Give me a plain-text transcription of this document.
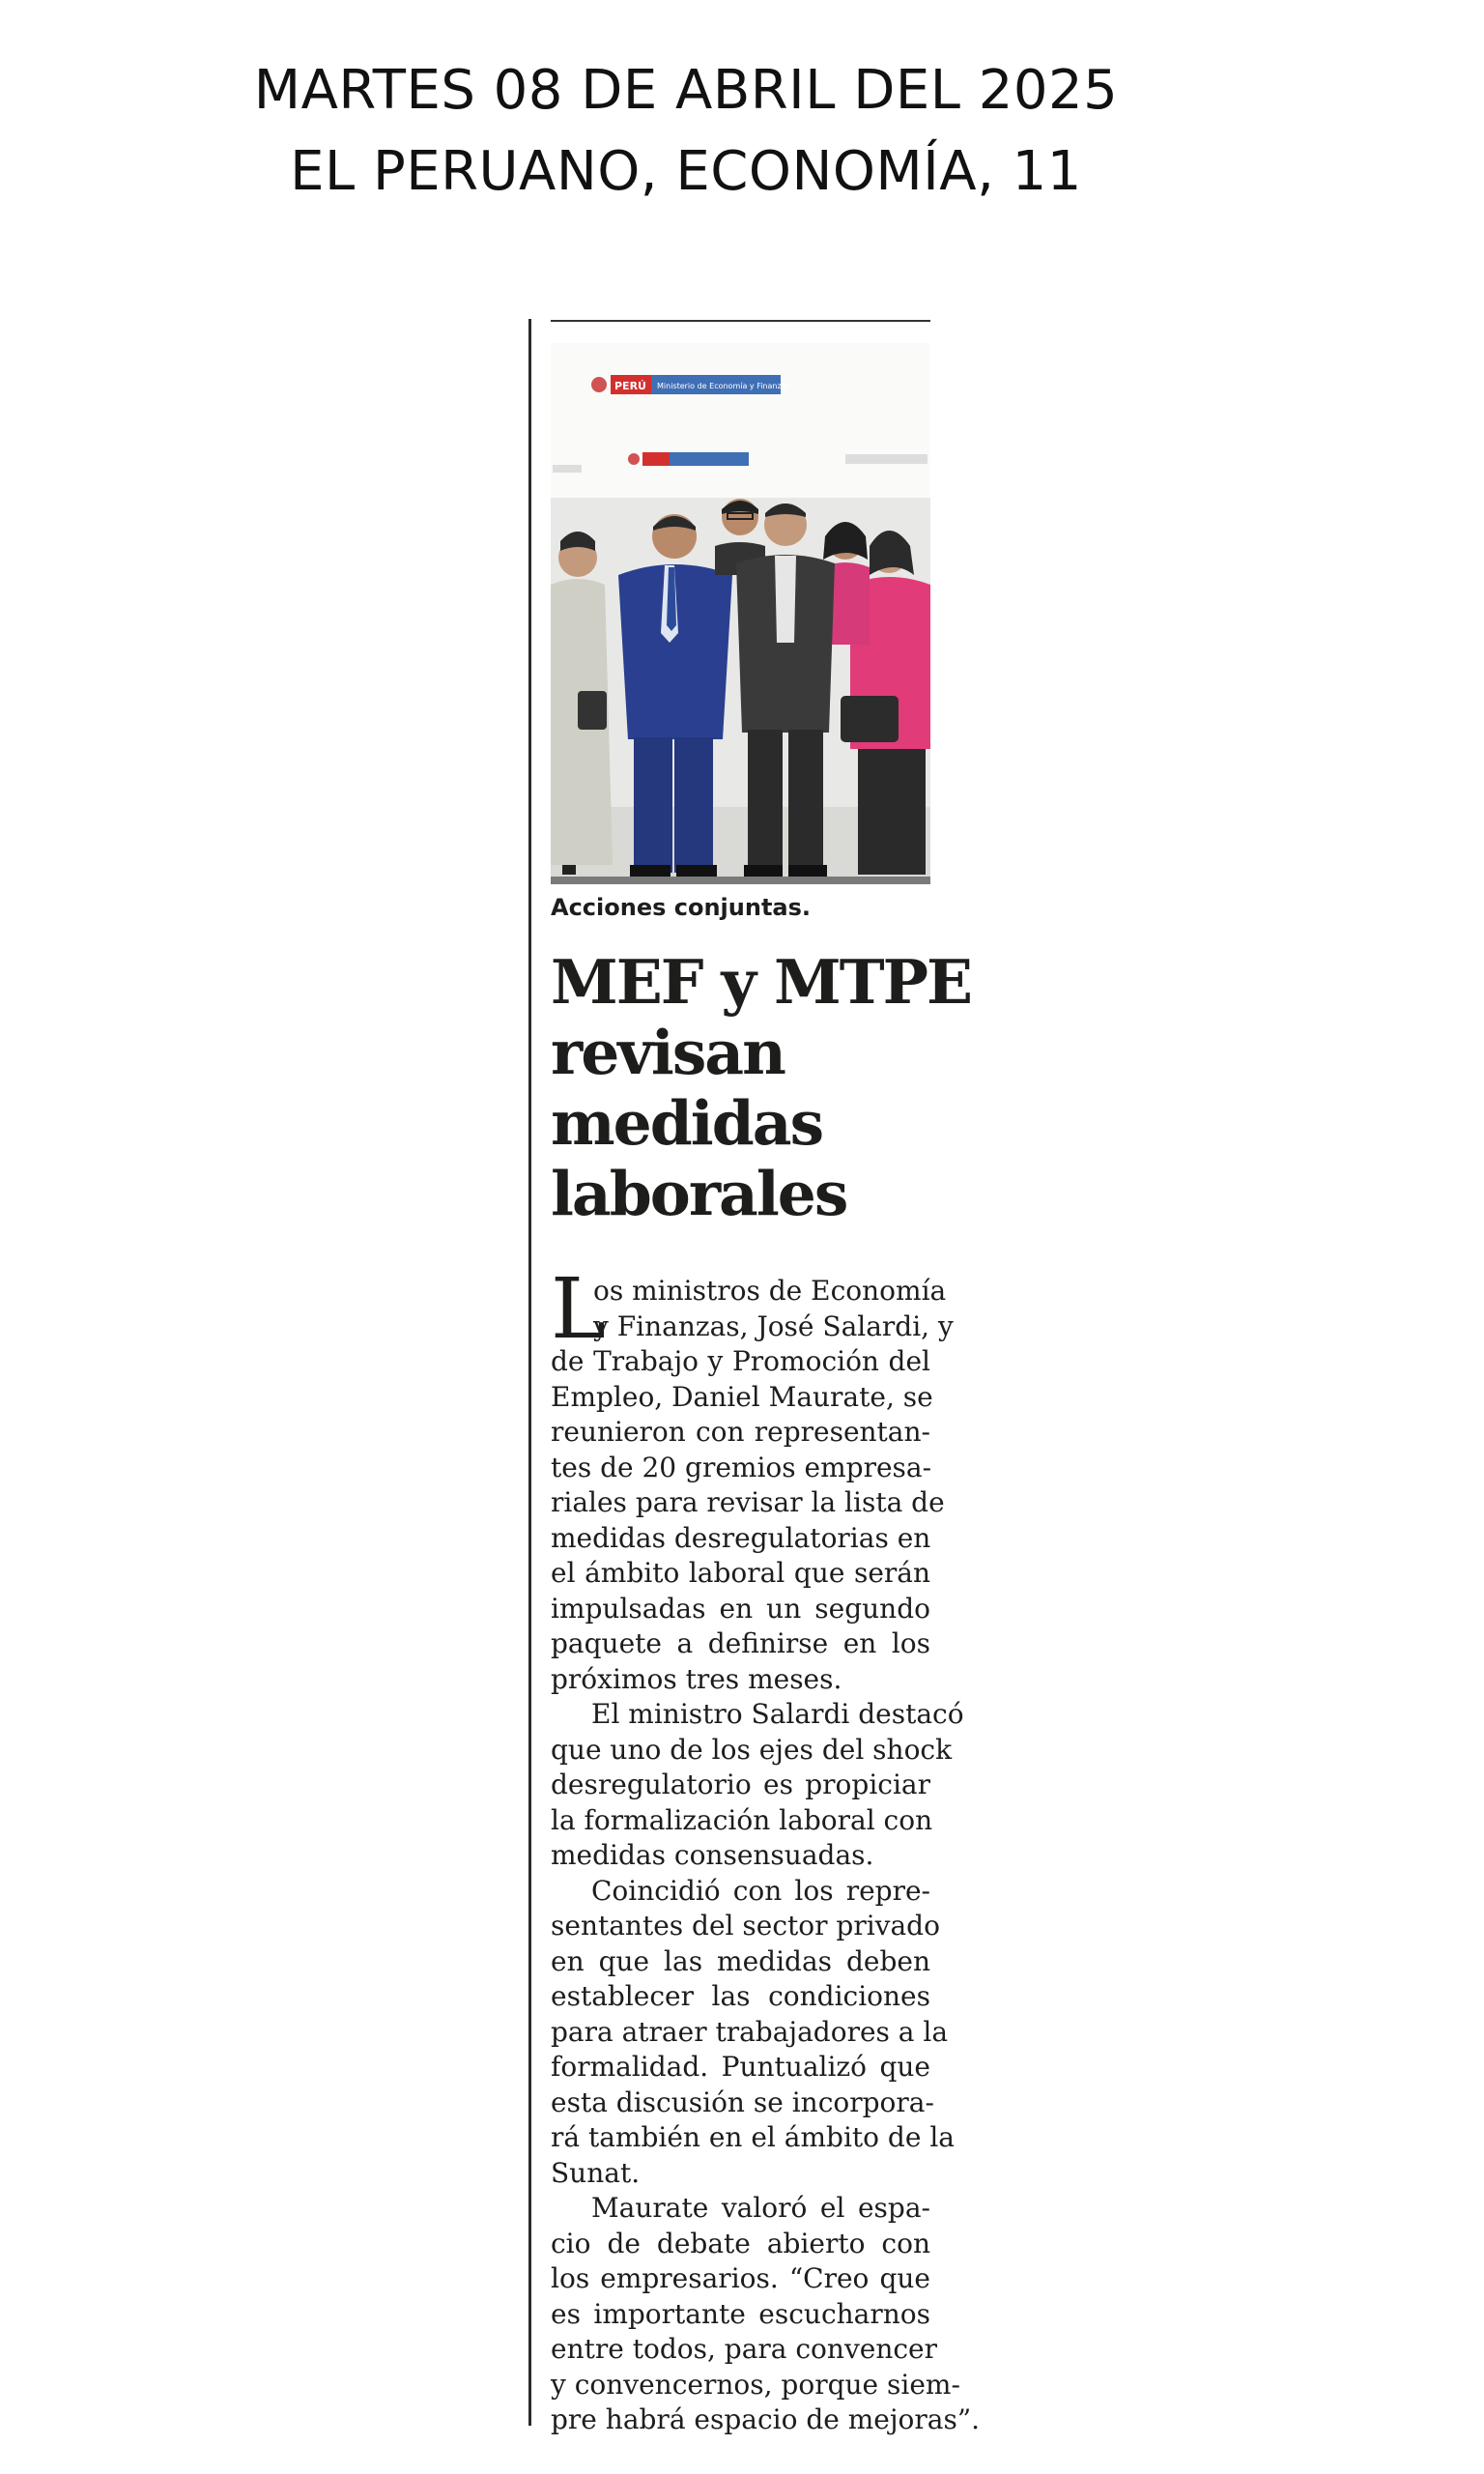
MARTES 08 DE ABRIL DEL 2025
EL PERUANO, ECONOMÍA, 11
PERÚ Ministerio de Economía y Finanzas
Acciones conjuntas.
MEF y MTPE
revisan
medidas
laborales

L
os ministros de Economía
y Finanzas, José Salardi, y
de Trabajo y Promoción del
Empleo, Daniel Maurate, se
reunieron con representan-
tes de 20 gremios empresa-
riales para revisar la lista de
medidas desregulatorias en
el ámbito laboral que serán
impulsadas en un segundo
paquete a definirse en los
próximos tres meses.

El ministro Salardi destacó
que uno de los ejes del shock
desregulatorio es propiciar
la formalización laboral con
medidas consensuadas.

Coincidió con los repre-
sentantes del sector privado
en que las medidas deben
establecer las condiciones
para atraer trabajadores a la
formalidad. Puntualizó que
esta discusión se incorpora-
rá también en el ámbito de la
Sunat.

Maurate valoró el espa-
cio de debate abierto con
los empresarios. “Creo que
es importante escucharnos
entre todos, para convencer
y convencernos, porque siem-
pre habrá espacio de mejoras”.
